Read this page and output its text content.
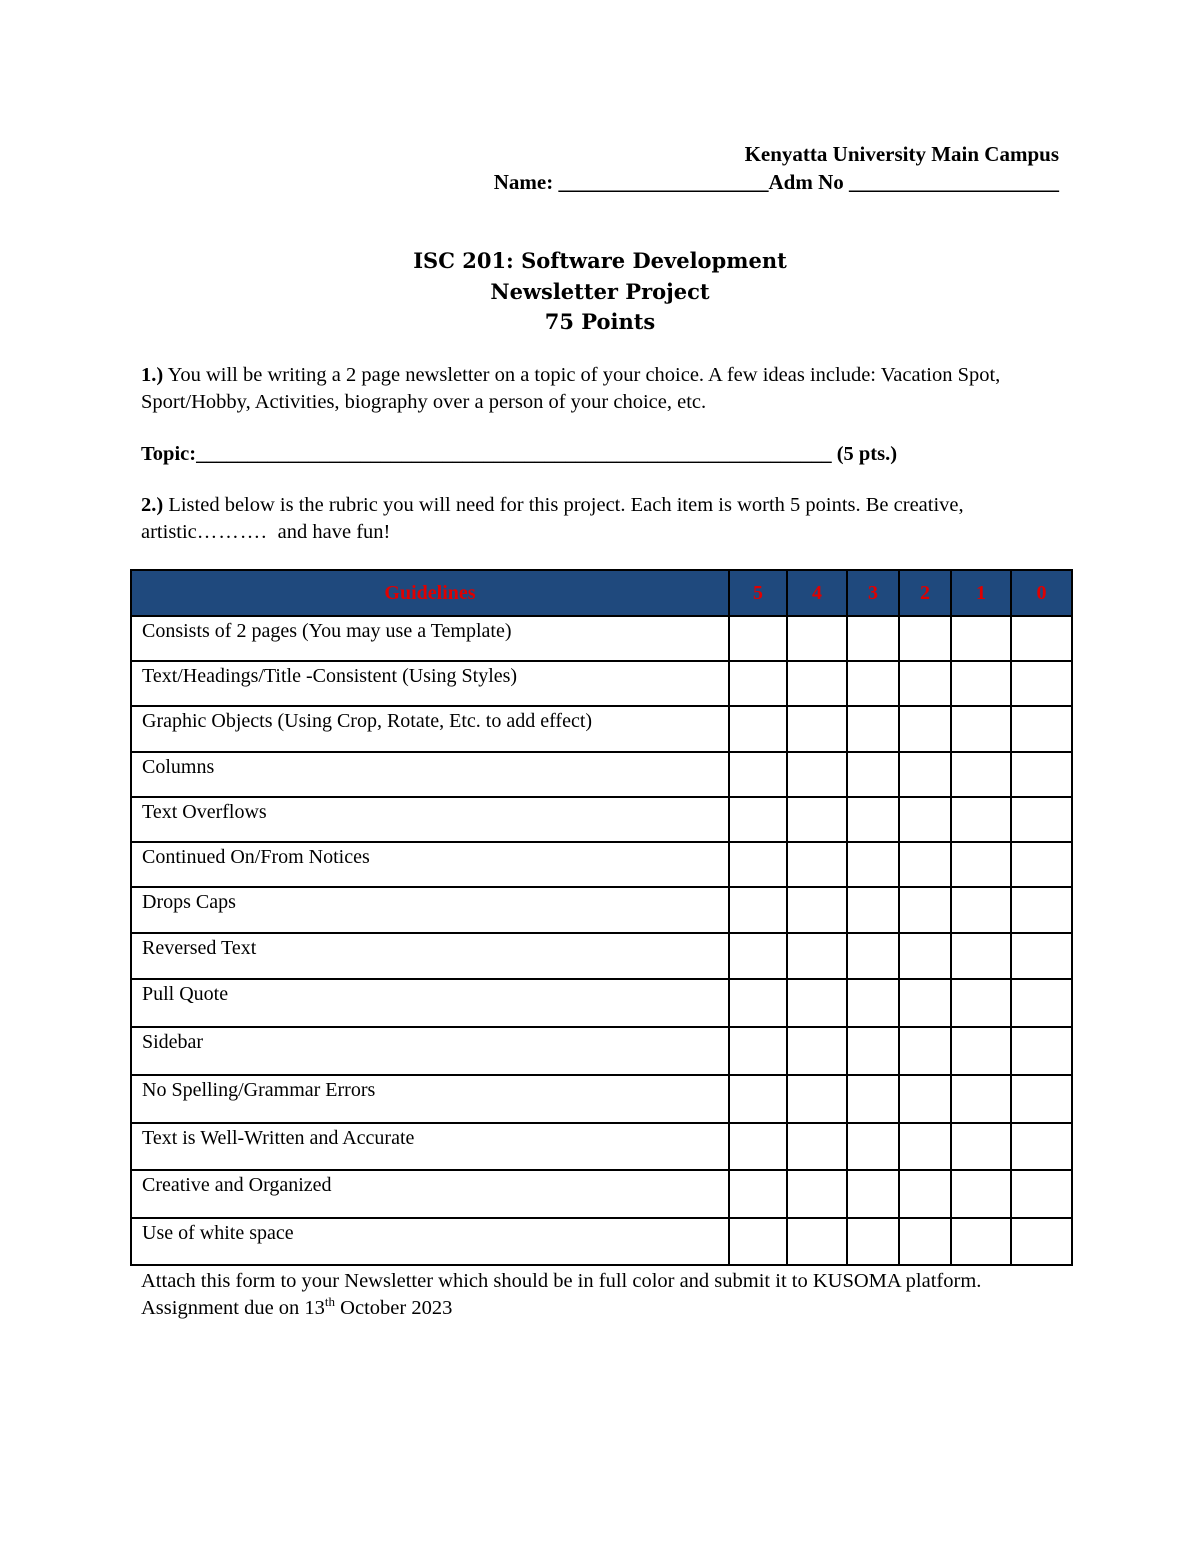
Kenyatta University Main Campus
Name: ____________________Adm No ____________________
ISC 201: Software Development
Newsletter Project
75 Points
1.) You will be writing a 2 page newsletter on a topic of your choice. A few ideas include: Vacation Spot, Sport/Hobby, Activities, biography over a person of your choice, etc.
Topic:______________________________________________________________ (5 pts.)
2.) Listed below is the rubric you will need for this project. Each item is worth 5 points. Be creative, artistic………. and have fun!
Guidelines	5	4	3	2	1	0
Consists of 2 pages (You may use a Template)						
Text/Headings/Title -Consistent (Using Styles)						
Graphic Objects (Using Crop, Rotate, Etc. to add effect)						
Columns						
Text Overflows						
Continued On/From Notices						
Drops Caps						
Reversed Text						
Pull Quote						
Sidebar						
No Spelling/Grammar Errors						
Text is Well-Written and Accurate						
Creative and Organized						
Use of white space						
Attach this form to your Newsletter which should be in full color and submit it to KUSOMA platform. Assignment due on 13th October 2023
